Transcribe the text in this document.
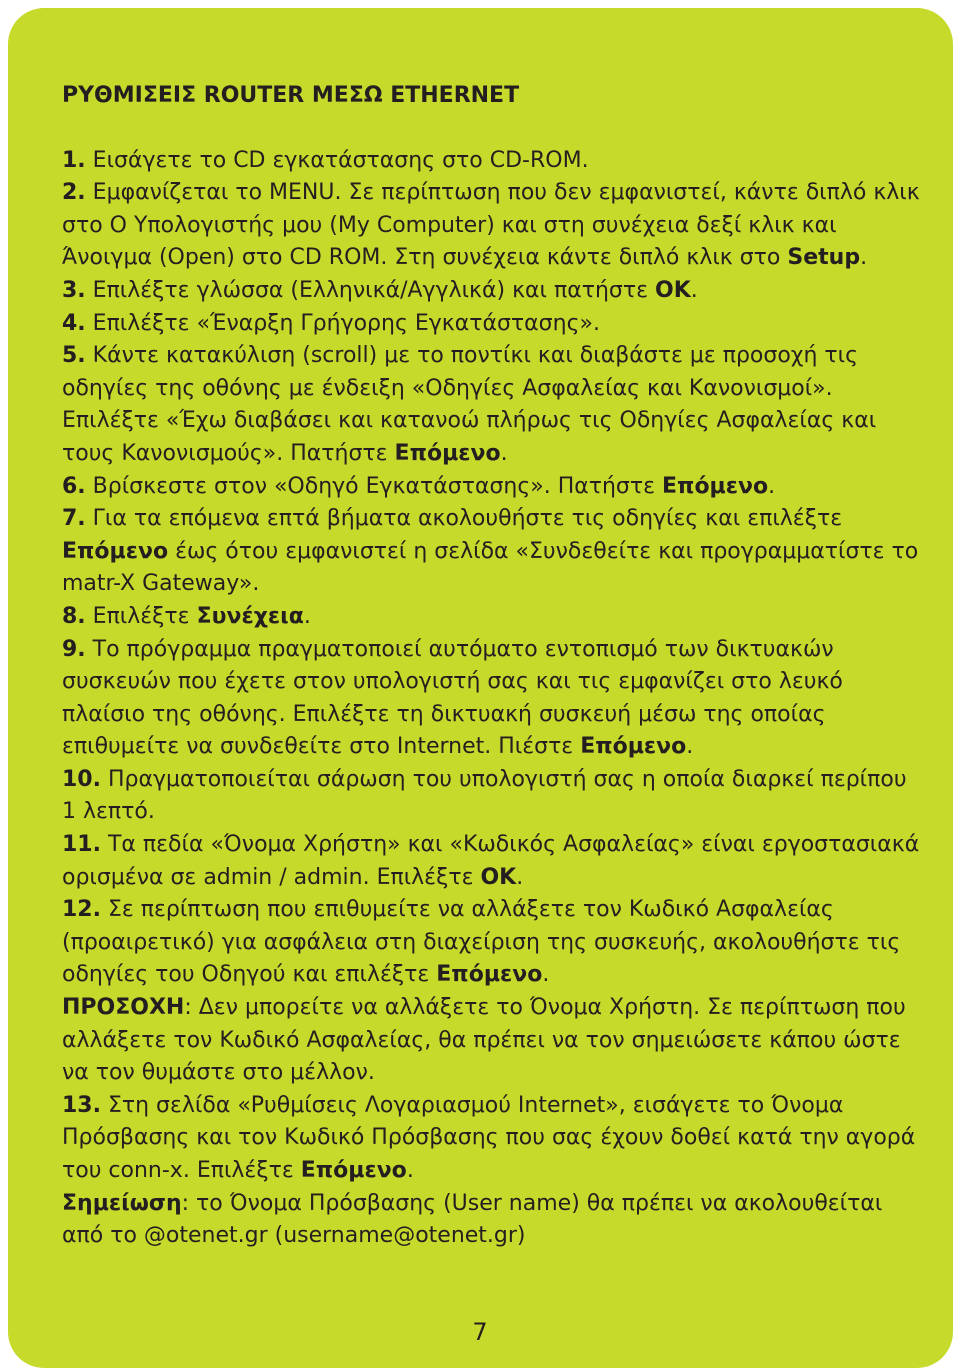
ΡΥΘΜΙΣΕΙΣ ROUTER ΜΕΣΩ ETHERNET

1. Εισάγετε το CD εγκατάστασης στο CD-ROM.

2. Εμφανίζεται το MENU. Σε περίπτωση που δεν εμφανιστεί, κάντε διπλό κλικ στο Ο Υπολογιστής μου (My Computer) και στη συνέχεια δεξί κλικ και Άνοιγμα (Open) στο CD ROM. Στη συνέχεια κάντε διπλό κλικ στο Setup.

3. Επιλέξτε γλώσσα (Ελληνικά/Αγγλικά) και πατήστε OK.

4. Επιλέξτε «Έναρξη Γρήγορης Εγκατάστασης».

5. Κάντε κατακύλιση (scroll) με το ποντίκι και διαβάστε με προσοχή τις οδηγίες της οθόνης με ένδειξη «Οδηγίες Ασφαλείας και Κανονισμοί». Επιλέξτε «Έχω διαβάσει και κατανοώ πλήρως τις Οδηγίες Ασφαλείας και τους Κανονισμούς». Πατήστε Επόμενο.

6. Βρίσκεστε στον «Οδηγό Εγκατάστασης». Πατήστε Επόμενο.

7. Για τα επόμενα επτά βήματα ακολουθήστε τις οδηγίες και επιλέξτε Επόμενο έως ότου εμφανιστεί η σελίδα «Συνδεθείτε και προγραμματίστε το matr-X Gateway».

8. Επιλέξτε Συνέχεια.

9. Το πρόγραμμα πραγματοποιεί αυτόματο εντοπισμό των δικτυακών συσκευών που έχετε στον υπολογιστή σας και τις εμφανίζει στο λευκό πλαίσιο της οθόνης. Επιλέξτε τη δικτυακή συσκευή μέσω της οποίας επιθυμείτε να συνδεθείτε στο Internet. Πιέστε Επόμενο.

10. Πραγματοποιείται σάρωση του υπολογιστή σας η οποία διαρκεί περίπου 1 λεπτό.

11. Τα πεδία «Όνομα Χρήστη» και «Κωδικός Ασφαλείας» είναι εργοστασιακά ορισμένα σε admin / admin. Επιλέξτε OK.

12. Σε περίπτωση που επιθυμείτε να αλλάξετε τον Κωδικό Ασφαλείας (προαιρετικό) για ασφάλεια στη διαχείριση της συσκευής, ακολουθήστε τις οδηγίες του Οδηγού και επιλέξτε Επόμενο.

ΠΡΟΣΟΧΗ: Δεν μπορείτε να αλλάξετε το Όνομα Χρήστη. Σε περίπτωση που αλλάξετε τον Κωδικό Ασφαλείας, θα πρέπει να τον σημειώσετε κάπου ώστε να τον θυμάστε στο μέλλον.

13. Στη σελίδα «Ρυθμίσεις Λογαριασμού Internet», εισάγετε το Όνομα Πρόσβασης και τον Κωδικό Πρόσβασης που σας έχουν δοθεί κατά την αγορά του conn-x. Επιλέξτε Επόμενο.

Σημείωση: το Όνομα Πρόσβασης (User name) θα πρέπει να ακολουθείται από το @otenet.gr (username@otenet.gr)

7
